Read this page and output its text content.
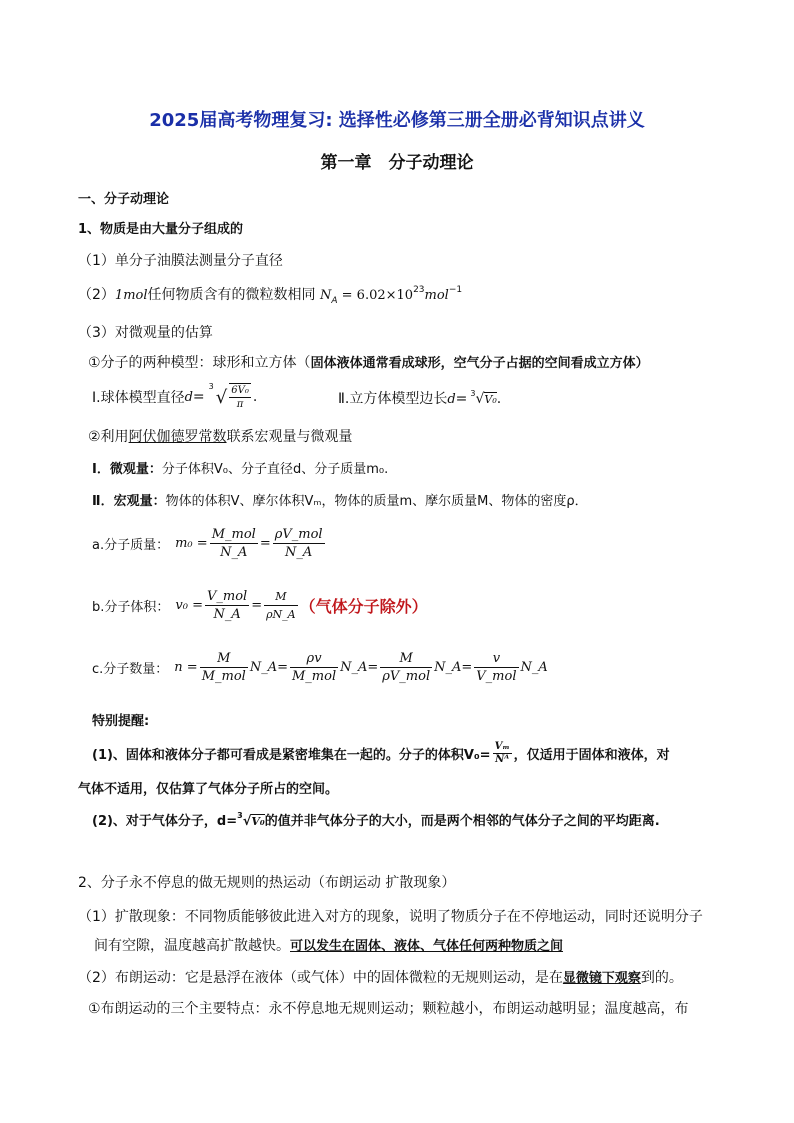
2025届高考物理复习: 选择性必修第三册全册必背知识点讲义
第一章　分子动理论
一、分子动理论
1、物质是由大量分子组成的
（1）单分子油膜法测量分子直径
（2）1mol任何物质含有的微粒数相同 $N_A = 6.02\times 10^{23}mol^{-1}$
（3）对微观量的估算
①分子的两种模型：球形和立方体（固体液体通常看成球形，空气分子占据的空间看成立方体）
Ⅰ.球体模型直径 d =
3 √ $\frac{\text{6V₀}}{\pi}$ .	Ⅱ.立方体模型边长d= $^3$√V₀.
②利用阿伏伽德罗常数联系宏观量与微观量
Ⅰ．微观量：分子体积V₀、分子直径d、分子质量m₀.
Ⅱ．宏观量：物体的体积V、摩尔体积Vₘ，物体的质量m、摩尔质量M、物体的密度ρ．
a.分子质量： $m_0 = \frac{\text{M\_mol}}{N\_A} = \frac{\text{ρV\_mol}}{N\_A}$
b.分子体积： $v_0 = \frac{\text{V\_mol}}{N\_A} = \frac{M}{\rho N\_A}$ （气体分子除外）
c.分子数量： $n = \frac{M}{\text{M\_mol}}$ N_A = $\frac{\rho v}{\text{M\_mol}}$ N_A = $\frac{M}{\text{ρV\_mol}}$ N_A = $\frac{v}{\text{V\_mol}}$ N_A
特别提醒:
(1)、固体和液体分子都可看成是紧密堆集在一起的。分子的体积$V_0= \frac{\text{Vₘ}}{\text{Nᴬ}}$ ，仅适用于固体和液体，对
气体不适用，仅估算了气体分子所占的空间。
(2)、对于气体分子，d=$^3$√V₀的值并非气体分子的大小，而是两个相邻的气体分子之间的平均距离.
2、分子永不停息的做无规则的热运动（布朗运动 扩散现象）
（1）扩散现象：不同物质能够彼此进入对方的现象，说明了物质分子在不停地运动，同时还说明分子
间有空隙，温度越高扩散越快。可以发生在固体、液体、气体任何两种物质之间
（2）布朗运动：它是悬浮在液体（或气体）中的固体微粒的无规则运动，是在显微镜下观察到的。
①布朗运动的三个主要特点：永不停息地无规则运动；颗粒越小，布朗运动越明显；温度越高，布
